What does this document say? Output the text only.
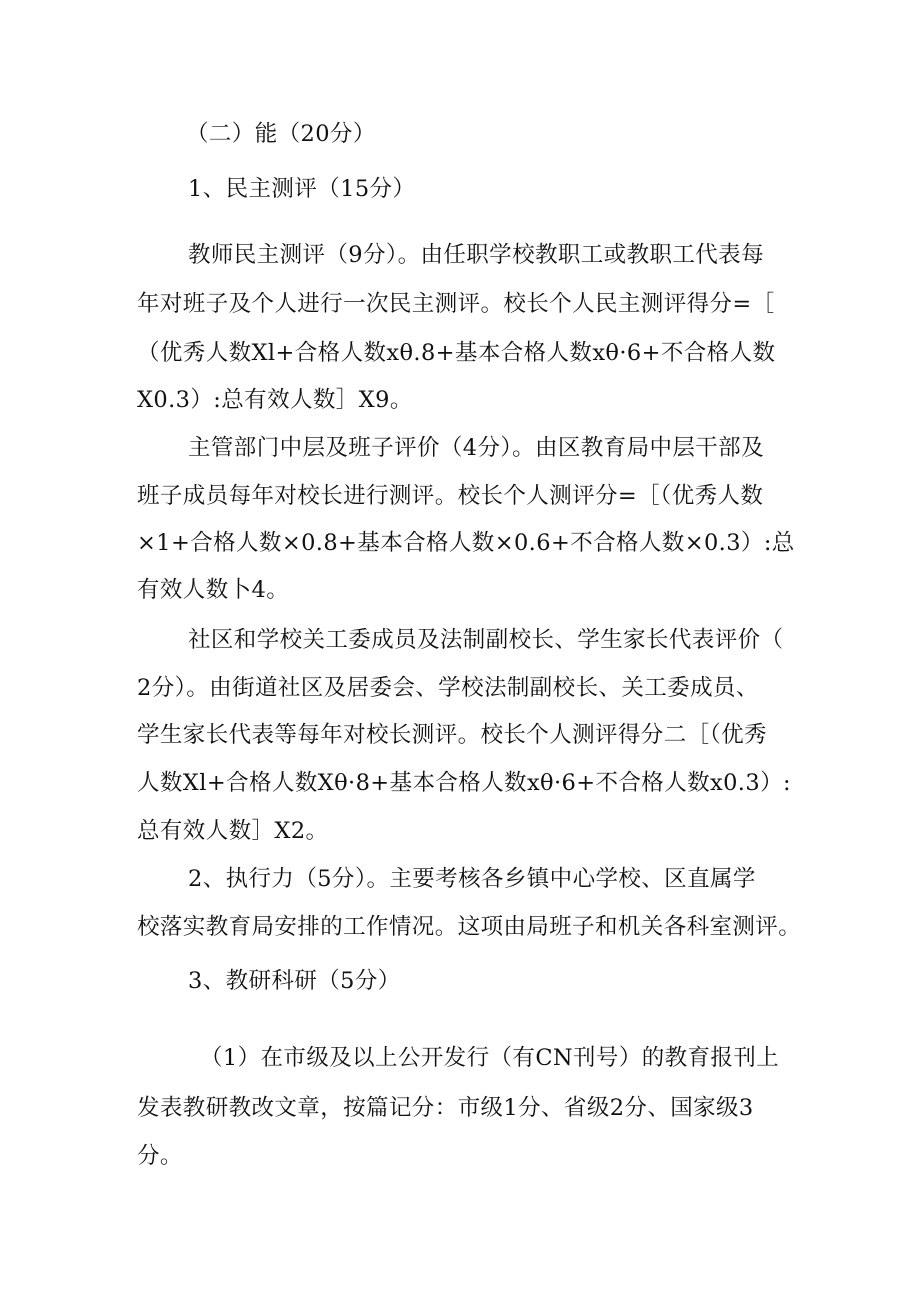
（二）能（20分）

1、民主测评（15分）

教师民主测评（9分）。由任职学校教职工或教职工代表每

年对班子及个人进行一次民主测评。校长个人民主测评得分=［

（优秀人数Xl+合格人数xθ.8+基本合格人数xθ·6+不合格人数

X0.3）:总有效人数］X9。

主管部门中层及班子评价（4分）。由区教育局中层干部及

班子成员每年对校长进行测评。校长个人测评分=［（优秀人数

×1+合格人数×0.8+基本合格人数×0.6+不合格人数×0.3）:总

有效人数卜4。

社区和学校关工委成员及法制副校长、学生家长代表评价（

2分）。由街道社区及居委会、学校法制副校长、关工委成员、

学生家长代表等每年对校长测评。校长个人测评得分二［（优秀

人数Xl+合格人数Xθ·8+基本合格人数xθ·6+不合格人数x0.3）:

总有效人数］X2。

2、执行力（5分）。主要考核各乡镇中心学校、区直属学

校落实教育局安排的工作情况。这项由局班子和机关各科室测评。

3、教研科研（5分）

（1）在市级及以上公开发行（有CN刊号）的教育报刊上

发表教研教改文章，按篇记分：市级1分、省级2分、国家级3

分。
